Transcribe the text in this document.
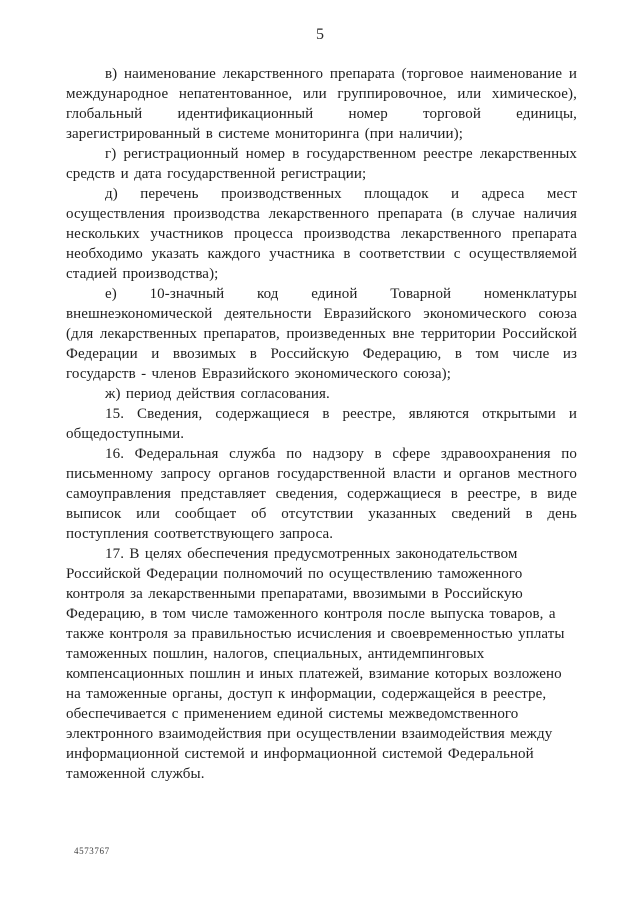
5

в) наименование лекарственного препарата (торговое наименование и международное непатентованное, или группировочное, или химическое), глобальный идентификационный номер торговой единицы, зарегистрированный в системе мониторинга (при наличии);

г) регистрационный номер в государственном реестре лекарственных средств и дата государственной регистрации;

д) перечень производственных площадок и адреса мест осуществления производства лекарственного препарата (в случае наличия нескольких участников процесса производства лекарственного препарата необходимо указать каждого участника в соответствии с осуществляемой стадией производства);

е) 10-значный код единой Товарной номенклатуры внешнеэкономической деятельности Евразийского экономического союза (для лекарственных препаратов, произведенных вне территории Российской Федерации и ввозимых в Российскую Федерацию, в том числе из государств - членов Евразийского экономического союза);

ж) период действия согласования.

15. Сведения, содержащиеся в реестре, являются открытыми и общедоступными.

16. Федеральная служба по надзору в сфере здравоохранения по письменному запросу органов государственной власти и органов местного самоуправления представляет сведения, содержащиеся в реестре, в виде выписок или сообщает об отсутствии указанных сведений в день поступления соответствующего запроса.

17. В целях обеспечения предусмотренных законодательством Российской Федерации полномочий по осуществлению таможенного контроля за лекарственными препаратами, ввозимыми в Российскую Федерацию, в том числе таможенного контроля после выпуска товаров, а также контроля за правильностью исчисления и своевременностью уплаты таможенных пошлин, налогов, специальных, антидемпинговых компенсационных пошлин и иных платежей, взимание которых возложено на таможенные органы, доступ к информации, содержащейся в реестре, обеспечивается с применением единой системы межведомственного электронного взаимодействия при осуществлении взаимодействия между информационной системой и информационной системой Федеральной таможенной службы.

4573767
